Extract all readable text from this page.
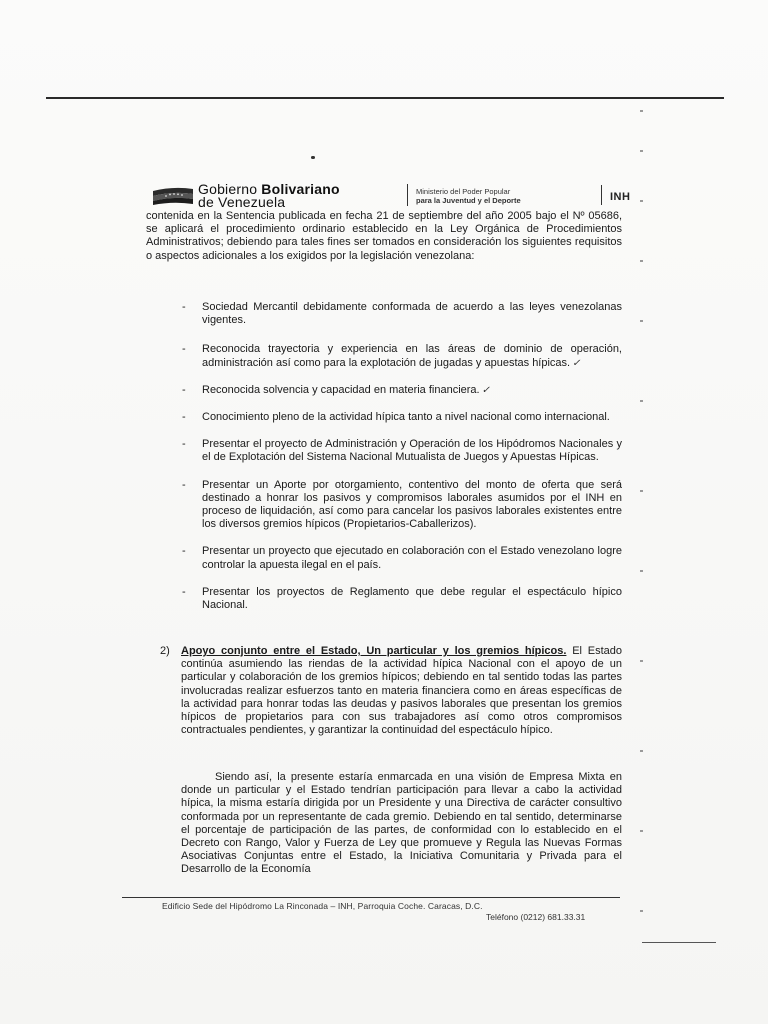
Gobierno Bolivariano
de Venezuela
Ministerio del Poder Popular
para la Juventud y el Deporte	INH
contenida en la Sentencia publicada en fecha 21 de septiembre del año 2005 bajo el Nº 05686, se aplicará el procedimiento ordinario establecido en la Ley Orgánica de Procedimientos Administrativos; debiendo para tales fines ser tomados en consideración los siguientes requisitos o aspectos adicionales a los exigidos por la legislación venezolana:

-	Sociedad Mercantil debidamente conformada de acuerdo a las leyes venezolanas vigentes.

-	Reconocida trayectoria y experiencia en las áreas de dominio de operación, administración así como para la explotación de jugadas y apuestas hípicas. ✓

-	Reconocida solvencia y capacidad en materia financiera. ✓

-	Conocimiento pleno de la actividad hípica tanto a nivel nacional como internacional.

-	Presentar el proyecto de Administración y Operación de los Hipódromos Nacionales y el de Explotación del Sistema Nacional Mutualista de Juegos y Apuestas Hípicas.

-	Presentar un Aporte por otorgamiento, contentivo del monto de oferta que será destinado a honrar los pasivos y compromisos laborales asumidos por el INH en proceso de liquidación, así como para cancelar los pasivos laborales existentes entre los diversos gremios hípicos (Propietarios-Caballerizos).

-	Presentar un proyecto que ejecutado en colaboración con el Estado venezolano logre controlar la apuesta ilegal en el país.

-	Presentar los proyectos de Reglamento que debe regular el espectáculo hípico Nacional.

2) Apoyo conjunto entre el Estado, Un particular y los gremios hípicos. El Estado continúa asumiendo las riendas de la actividad hípica Nacional con el apoyo de un particular y colaboración de los gremios hípicos; debiendo en tal sentido todas las partes involucradas realizar esfuerzos tanto en materia financiera como en áreas específicas de la actividad para honrar todas las deudas y pasivos laborales que presentan los gremios hípicos de propietarios para con sus trabajadores así como otros compromisos contractuales pendientes, y garantizar la continuidad del espectáculo hípico.
Siendo así, la presente estaría enmarcada en una visión de Empresa Mixta en donde un particular y el Estado tendrían participación para llevar a cabo la actividad hípica, la misma estaría dirigida por un Presidente y una Directiva de carácter consultivo conformada por un representante de cada gremio. Debiendo en tal sentido, determinarse el porcentaje de participación de las partes, de conformidad con lo establecido en el Decreto con Rango, Valor y Fuerza de Ley que promueve y Regula las Nuevas Formas Asociativas Conjuntas entre el Estado, la Iniciativa Comunitaria y Privada para el Desarrollo de la Economía
Edificio Sede del Hipódromo La Rinconada – INH, Parroquia Coche. Caracas, D.C.
Teléfono (0212) 681.33.31
